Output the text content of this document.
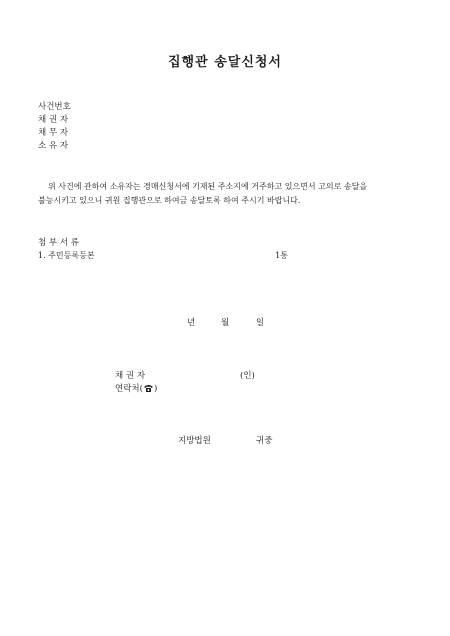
집행관 송달신청서
사건번호
채 권 자
채 무 자
소 유 자
위 사건에 관하여 소유자는 경매신청서에 기재된 주소지에 거주하고 있으면서 고의로 송달을
불능시키고 있으니 귀원 집행관으로 하여금 송달토록 하여 주시기 바랍니다.
첨 부 서 류
1. 주민등록등본	1통
년	월	일
채 권 자	(인)
연락처( )
지방법원	귀중
